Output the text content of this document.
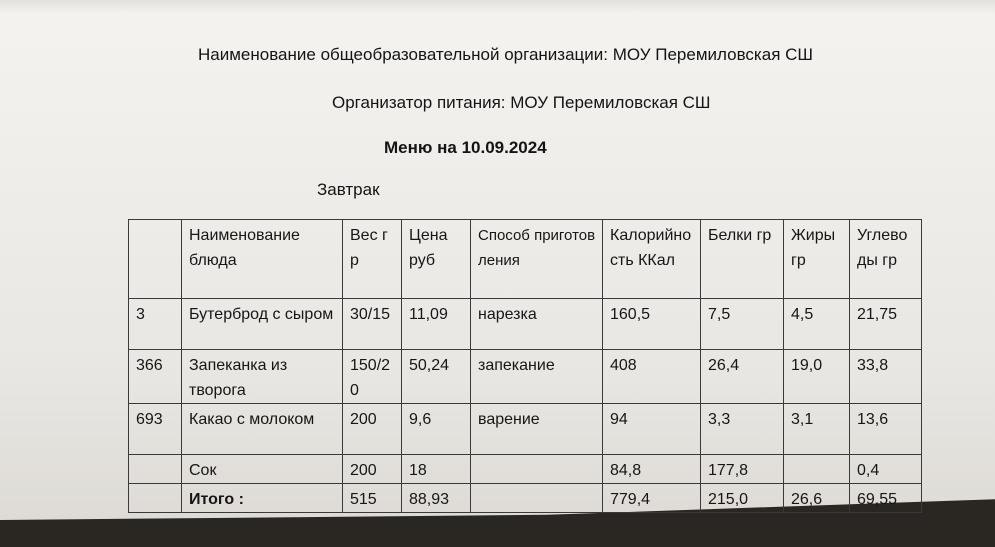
Наименование общеобразовательной организации: МОУ Перемиловская СШ
Организатор питания: МОУ Перемиловская СШ
Меню на 10.09.2024
Завтрак
	Наименование блюда	Вес гр	Цена руб	Способ приготовления	Калорийность ККал	Белки гр	Жиры гр	Углеводы гр
3	Бутерброд с сыром	30/15	11,09	нарезка	160,5	7,5	4,5	21,75
366	Запеканка из творога	150/20	50,24	запекание	408	26,4	19,0	33,8
693	Какао с молоком	200	9,6	варение	94	3,3	3,1	13,6
	Сок	200	18		84,8	177,8		0,4
	Итого :	515	88,93		779,4	215,0	26,6	69,55
